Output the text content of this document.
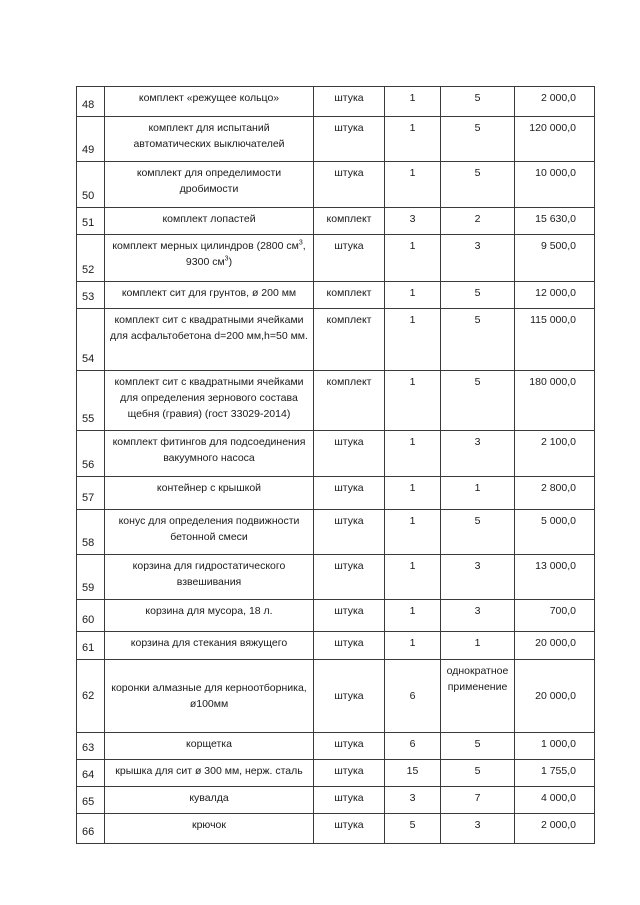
48	комплект «режущее кольцо»	штука	1	5	2 000,0
49	комплект для испытаний автоматических выключателей	штука	1	5	120 000,0
50	комплект для определимости дробимости	штука	1	5	10 000,0
51	комплект лопастей	комплект	3	2	15 630,0
52	комплект мерных цилиндров (2800 $см^3$, 9300 $см^3$)	штука	1	3	9 500,0
53	комплект сит для грунтов, ø 200 мм	комплект	1	5	12 000,0
54	комплект сит с квадратными ячейками для асфальтобетона d=200 мм,h=50 мм.	комплект	1	5	115 000,0
55	комплект сит с квадратными ячейками для определения зернового состава щебня (гравия) (гост 33029-2014)	комплект	1	5	180 000,0
56	комплект фитингов для подсоединения вакуумного насоса	штука	1	3	2 100,0
57	контейнер с крышкой	штука	1	1	2 800,0
58	конус для определения подвижности бетонной смеси	штука	1	5	5 000,0
59	корзина для гидростатического взвешивания	штука	1	3	13 000,0
60	корзина для мусора, 18 л.	штука	1	3	700,0
61	корзина для стекания вяжущего	штука	1	1	20 000,0
62	коронки алмазные для керноотборника, ø100мм	штука	6	однократное применение	20 000,0
63	корщетка	штука	6	5	1 000,0
64	крышка для сит ø 300 мм, нерж. сталь	штука	15	5	1 755,0
65	кувалда	штука	3	7	4 000,0
66	крючок	штука	5	3	2 000,0
